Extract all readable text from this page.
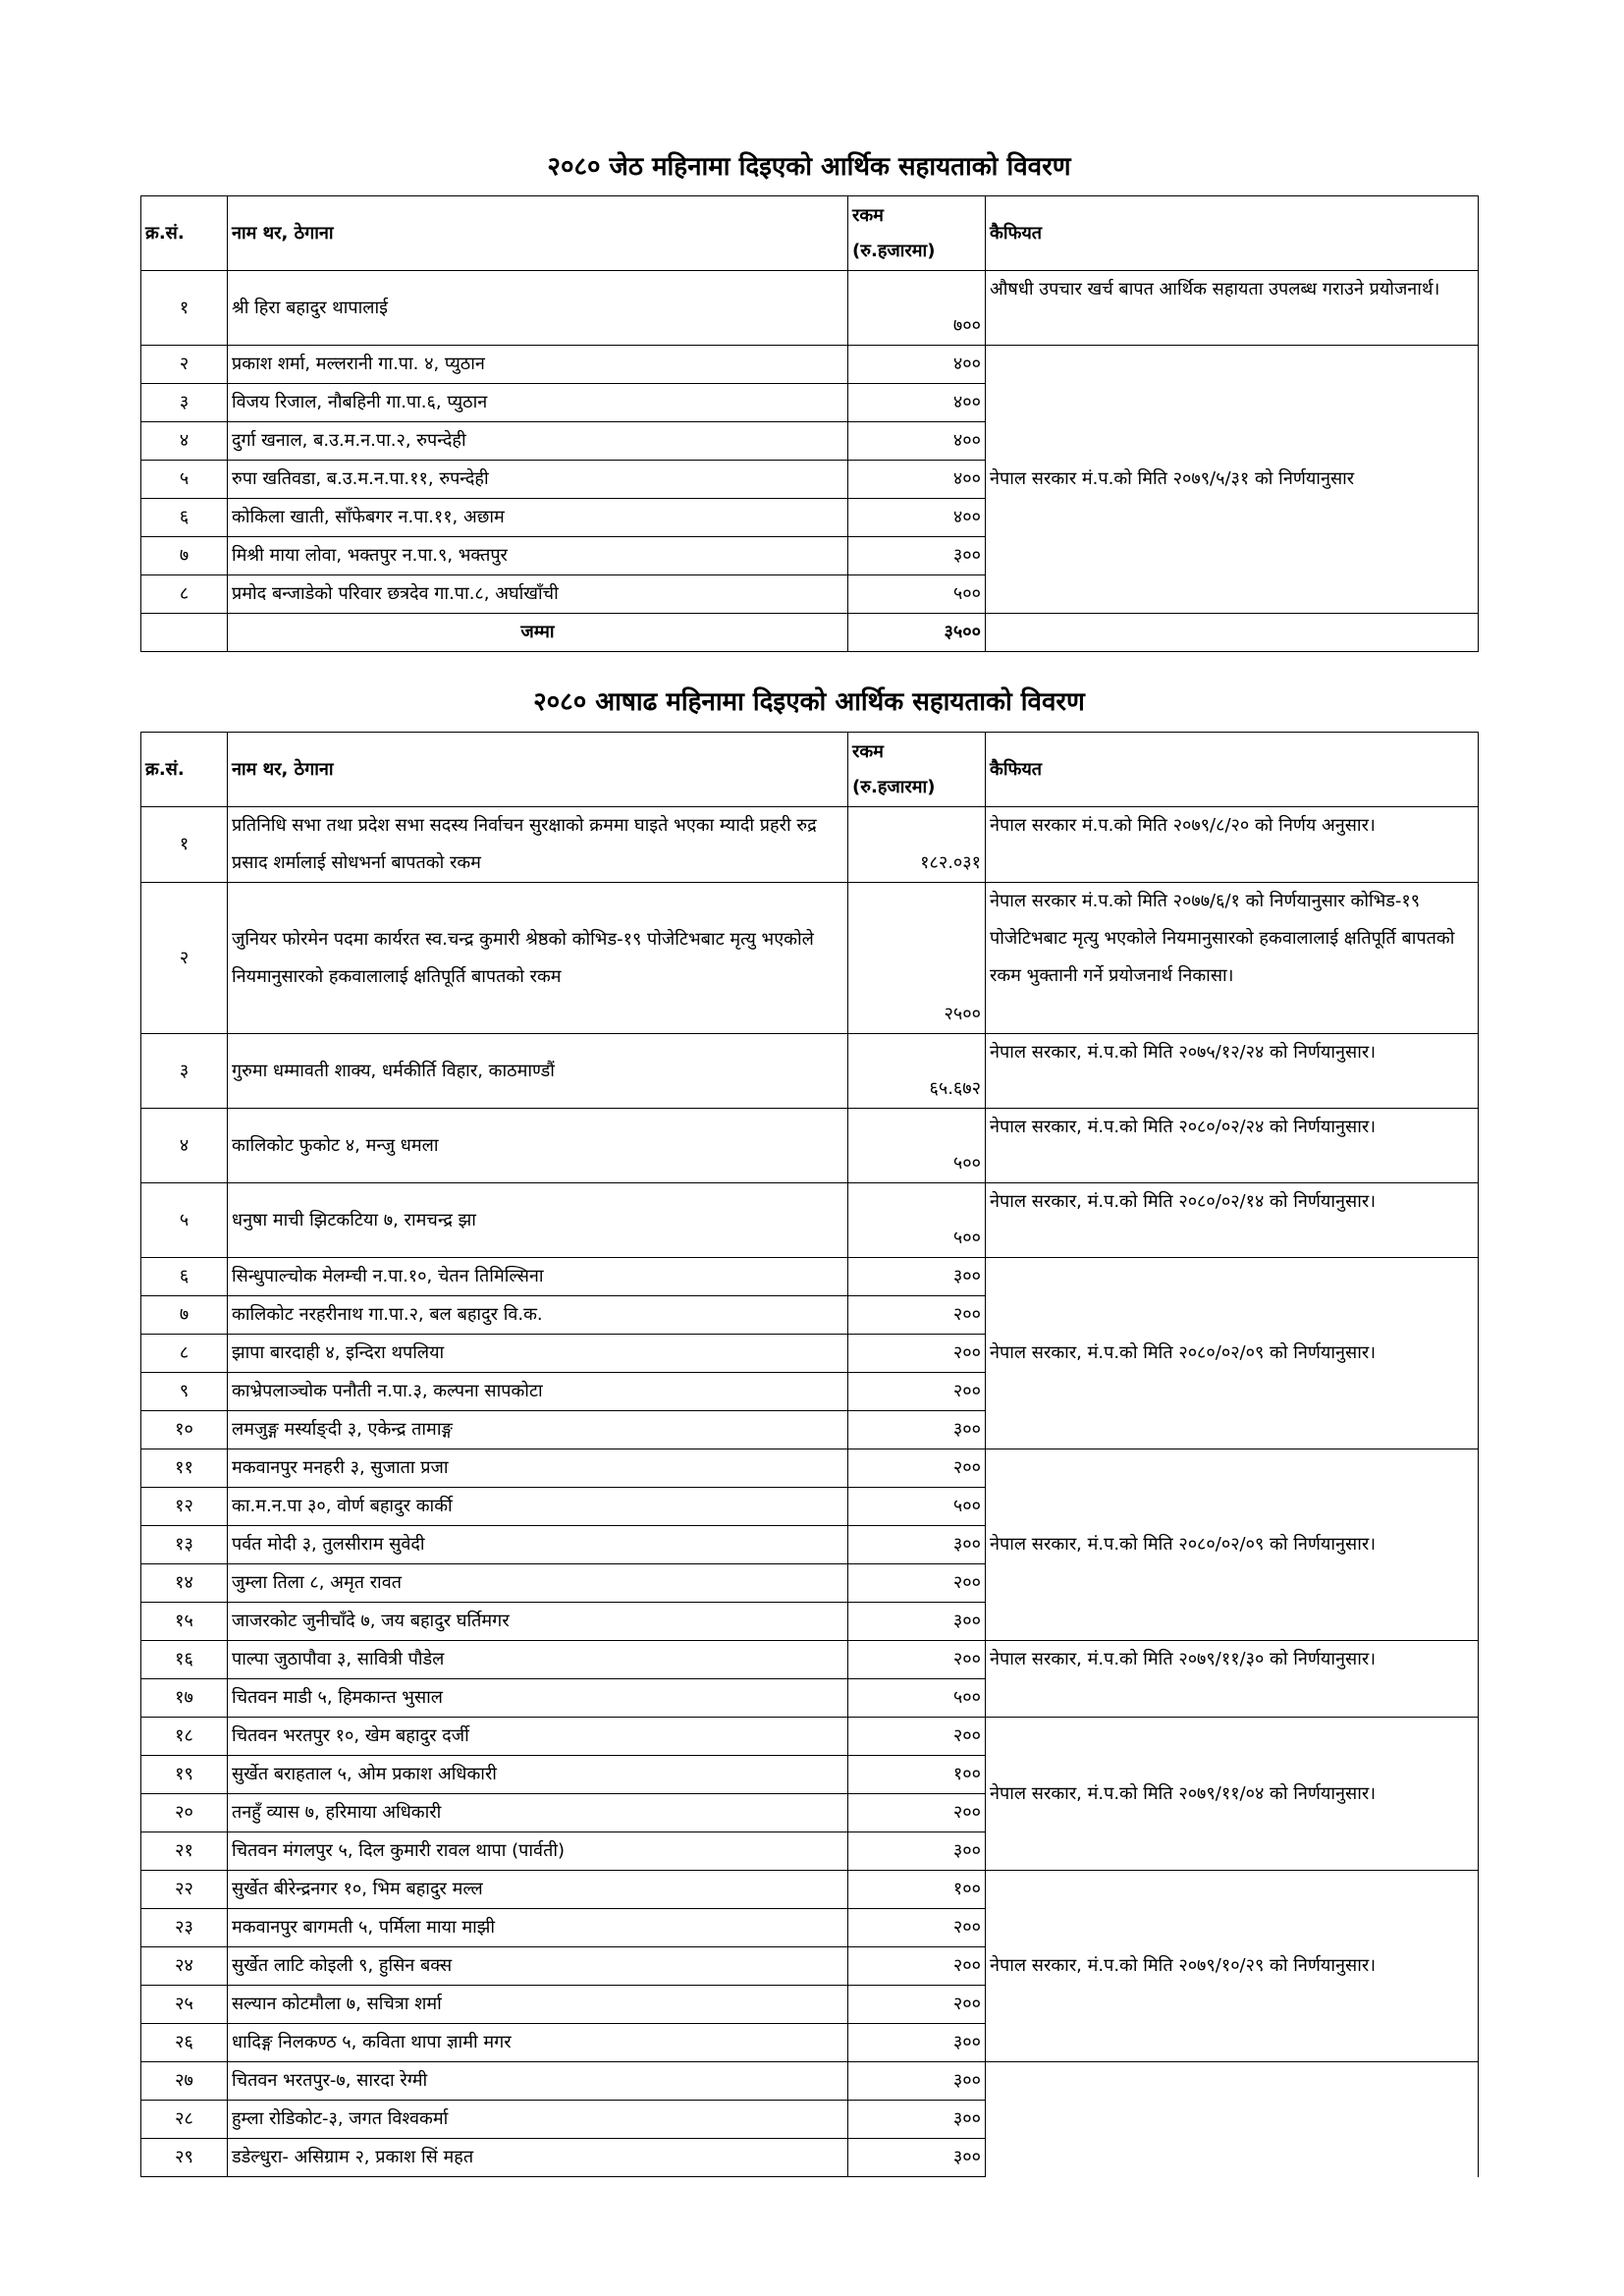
२०८० जेठ महिनामा दिइएको आर्थिक सहायताको विवरण
क्र.सं.	नाम थर, ठेगाना	रकम
(रु.हजारमा)	कैफियत
१	श्री हिरा बहादुर थापालाई	७००	औषधी उपचार खर्च बापत आर्थिक सहायता उपलब्ध गराउने प्रयोजनार्थ।
२	प्रकाश शर्मा, मल्लरानी गा.पा. ४, प्युठान	४००	नेपाल सरकार मं.प.को मिति २०७९/५/३१ को निर्णयानुसार
३	विजय रिजाल, नौबहिनी गा.पा.६, प्युठान	४००	
४	दुर्गा खनाल, ब.उ.म.न.पा.२, रुपन्देही	४००	
५	रुपा खतिवडा, ब.उ.म.न.पा.११, रुपन्देही	४००	
६	कोकिला खाती, साँफेबगर न.पा.११, अछाम	४००	
७	मिश्री माया लोवा, भक्तपुर न.पा.९, भक्तपुर	३००	
८	प्रमोद बन्जाडेको परिवार छत्रदेव गा.पा.८, अर्घाखाँची	५००	
	जम्मा	३५००	
२०८० आषाढ महिनामा दिइएको आर्थिक सहायताको विवरण
क्र.सं.	नाम थर, ठेगाना	रकम
(रु.हजारमा)	कैफियत
१	प्रतिनिधि सभा तथा प्रदेश सभा सदस्य निर्वाचन सुरक्षाको क्रममा घाइते भएका म्यादी प्रहरी रुद्र प्रसाद शर्मालाई सोधभर्ना बापतको रकम	१८२.०३१	नेपाल सरकार मं.प.को मिति २०७९/८/२० को निर्णय अनुसार।
२	जुनियर फोरमेन पदमा कार्यरत स्व.चन्द्र कुमारी श्रेष्ठको कोभिड-१९ पोजेटिभबाट मृत्यु भएकोले नियमानुसारको हकवालालाई क्षतिपूर्ति बापतको रकम	२५००	नेपाल सरकार मं.प.को मिति २०७७/६/१ को निर्णयानुसार कोभिड-१९ पोजेटिभबाट मृत्यु भएकोले नियमानुसारको हकवालालाई क्षतिपूर्ति बापतको रकम भुक्तानी गर्ने प्रयोजनार्थ निकासा।
३	गुरुमा धम्मावती शाक्य, धर्मकीर्ति विहार, काठमाण्डौं	६५.६७२	नेपाल सरकार, मं.प.को मिति २०७५/१२/२४ को निर्णयानुसार।
४	कालिकोट फुकोट ४, मन्जु धमला	५००	नेपाल सरकार, मं.प.को मिति २०८०/०२/२४ को निर्णयानुसार।
५	धनुषा माची झिटकटिया ७, रामचन्द्र झा	५००	नेपाल सरकार, मं.प.को मिति २०८०/०२/१४ को निर्णयानुसार।
६	सिन्धुपाल्चोक मेलम्ची न.पा.१०, चेतन तिमिल्सिना	३००	नेपाल सरकार, मं.प.को मिति २०८०/०२/०९ को निर्णयानुसार।
७	कालिकोट नरहरीनाथ गा.पा.२, बल बहादुर वि.क.	२००	
८	झापा बारदाही ४, इन्दिरा थपलिया	२००	
९	काभ्रेपलाञ्चोक पनौती न.पा.३, कल्पना सापकोटा	२००	
१०	लमजुङ्ग मर्स्याङ्दी ३, एकेन्द्र तामाङ्ग	३००	
११	मकवानपुर मनहरी ३, सुजाता प्रजा	२००	नेपाल सरकार, मं.प.को मिति २०८०/०२/०९ को निर्णयानुसार।
१२	का.म.न.पा ३०, वोर्ण बहादुर कार्की	५००	
१३	पर्वत मोदी ३, तुलसीराम सुवेदी	३००	
१४	जुम्ला तिला ८, अमृत रावत	२००	
१५	जाजरकोट जुनीचाँदे ७, जय बहादुर घर्तिमगर	३००	
१६	पाल्पा जुठापौवा ३, सावित्री पौडेल	२००	नेपाल सरकार, मं.प.को मिति २०७९/११/३० को निर्णयानुसार।
१७	चितवन माडी ५, हिमकान्त भुसाल	५००	
१८	चितवन भरतपुर १०, खेम बहादुर दर्जी	२००	नेपाल सरकार, मं.प.को मिति २०७९/११/०४ को निर्णयानुसार।
१९	सुर्खेत बराहताल ५, ओम प्रकाश अधिकारी	१००	
२०	तनहुँ व्यास ७, हरिमाया अधिकारी	२००	
२१	चितवन मंगलपुर ५, दिल कुमारी रावल थापा (पार्वती)	३००	
२२	सुर्खेत बीरेन्द्रनगर १०, भिम बहादुर मल्ल	१००	नेपाल सरकार, मं.प.को मिति २०७९/१०/२९ को निर्णयानुसार।
२३	मकवानपुर बागमती ५, पर्मिला माया माझी	२००	
२४	सुर्खेत लाटि कोइली ९, हुसिन बक्स	२००	
२५	सल्यान कोटमौला ७, सचित्रा शर्मा	२००	
२६	धादिङ्ग निलकण्ठ ५, कविता थापा ज्ञामी मगर	३००	
२७	चितवन भरतपुर-७, सारदा रेग्मी	३००	
२८	हुम्ला रोडिकोट-३, जगत विश्वकर्मा	३००	
२९	डडेल्धुरा- असिग्राम २, प्रकाश सिं महत	३००	
